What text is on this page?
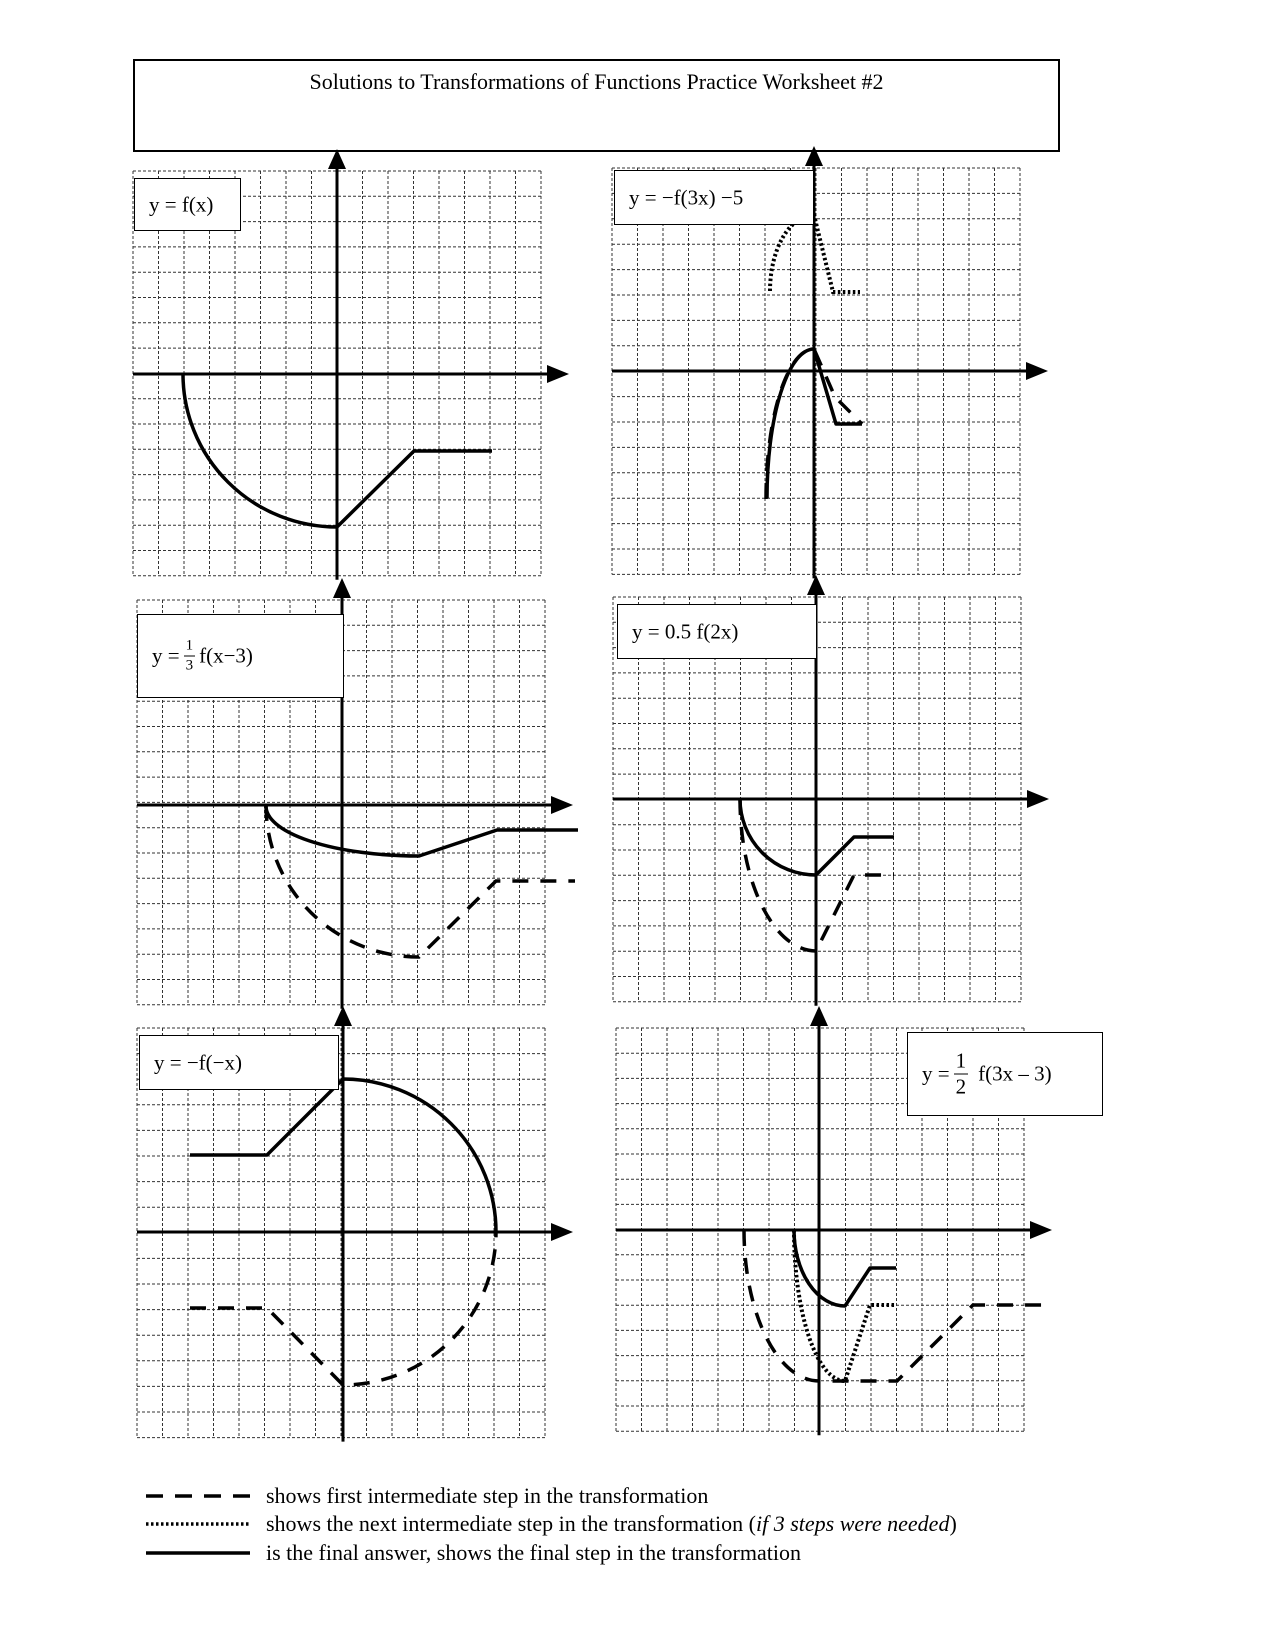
Solutions to Transformations of Functions Practice Worksheet #2
y = f(x)	y = −f(3x) −5
$y = \frac{1}{3} f(x-3)$
y = 0.5 f(2x)
y = −f(−x)	$y = \frac{1}{2} f(3x - 3)$
shows first intermediate step in the transformation
shows the next intermediate step in the transformation (if 3 steps were needed)
is the final answer, shows the final step in the transformation
